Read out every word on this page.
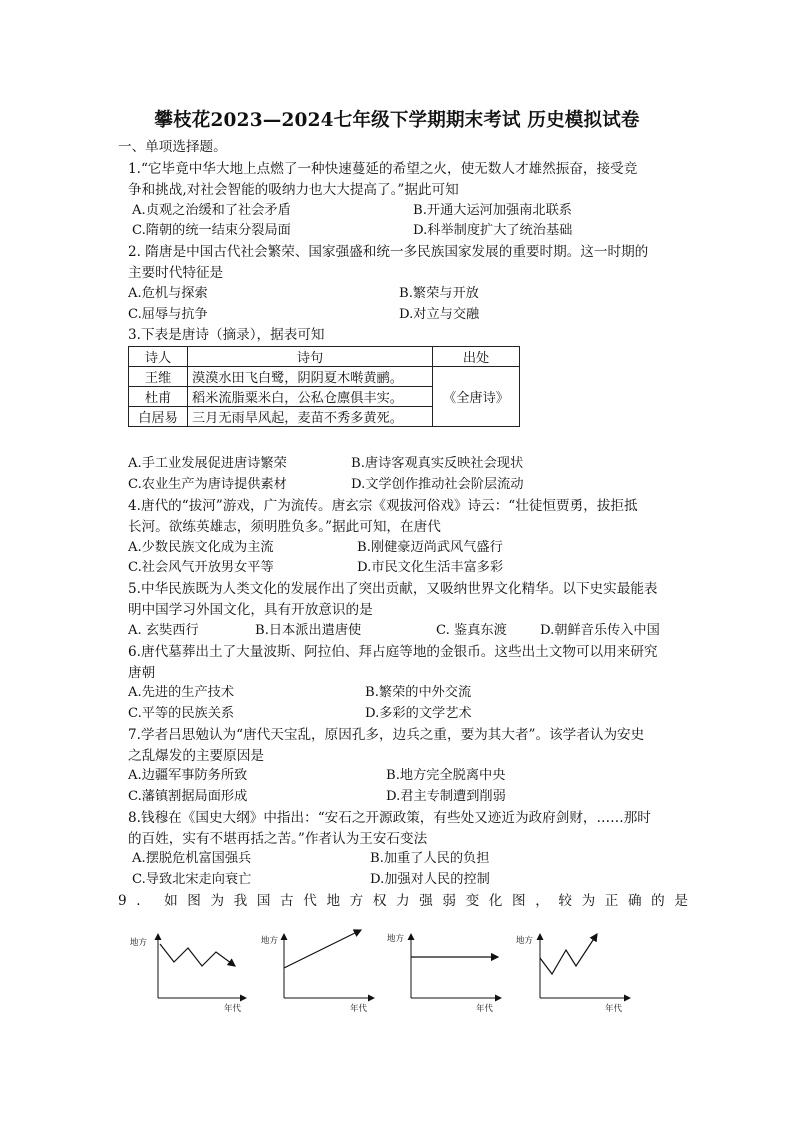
攀枝花2023—2024七年级下学期期末考试 历史模拟试卷
一、单项选择题。
1.“它毕竟中华大地上点燃了一种快速蔓延的希望之火，使无数人才雄然振奋，接受竞
争和挑战,对社会智能的吸纳力也大大提高了。”据此可知
A.贞观之治缓和了社会矛盾	B.开通大运河加强南北联系
C.隋朝的统一结束分裂局面	D.科举制度扩大了统治基础
2. 隋唐是中国古代社会繁荣、国家强盛和统一多民族国家发展的重要时期。这一时期的
主要时代特征是
A.危机与探索	B.繁荣与开放
C.屈辱与抗争	D.对立与交融
3.下表是唐诗（摘录），据表可知
诗人	诗句	出处
王维	漠漠水田飞白鹭，阴阴夏木啭黄鹂。	《全唐诗》
杜甫	稻米流脂粟米白，公私仓廪俱丰实。	
白居易	三月无雨旱风起，麦苗不秀多黄死。	
A.手工业发展促进唐诗繁荣	B.唐诗客观真实反映社会现状
C.农业生产为唐诗提供素材	D.文学创作推动社会阶层流动
4.唐代的“拔河”游戏，广为流传。唐玄宗《观拔河俗戏》诗云：“壮徒恒贾勇，拔拒抵
长河。欲练英雄志，须明胜负多。”据此可知，在唐代
A.少数民族文化成为主流	B.刚健豪迈尚武风气盛行
C.社会风气开放男女平等	D.市民文化生活丰富多彩
5.中华民族既为人类文化的发展作出了突出贡献，又吸纳世界文化精华。以下史实最能表
明中国学习外国文化，具有开放意识的是
A. 玄奘西行	B.日本派出遣唐使	C. 鉴真东渡	D.朝鲜音乐传入中国
6.唐代墓葬出土了大量波斯、阿拉伯、拜占庭等地的金银币。这些出土文物可以用来研究
唐朝
A.先进的生产技术	B.繁荣的中外交流
C.平等的民族关系	D.多彩的文学艺术
7.学者吕思勉认为“唐代天宝乱，原因孔多，边兵之重，要为其大者”。该学者认为安史
之乱爆发的主要原因是
A.边疆军事防务所致	B.地方完全脱离中央
C.藩镇割据局面形成	D.君主专制遭到削弱
8.钱穆在《国史大纲》中指出：“安石之开源政策，有些处又迹近为政府剑财，……那时
的百姓，实有不堪再括之苦。”作者认为王安石变法
A.摆脱危机富国强兵	B.加重了人民的负担
C.导致北宋走向衰亡	D.加强对人民的控制
9. 如图为我国古代地方权力强弱变化图，较为正确的是
地方
年代
地方
年代
地方
年代
地方
年代
